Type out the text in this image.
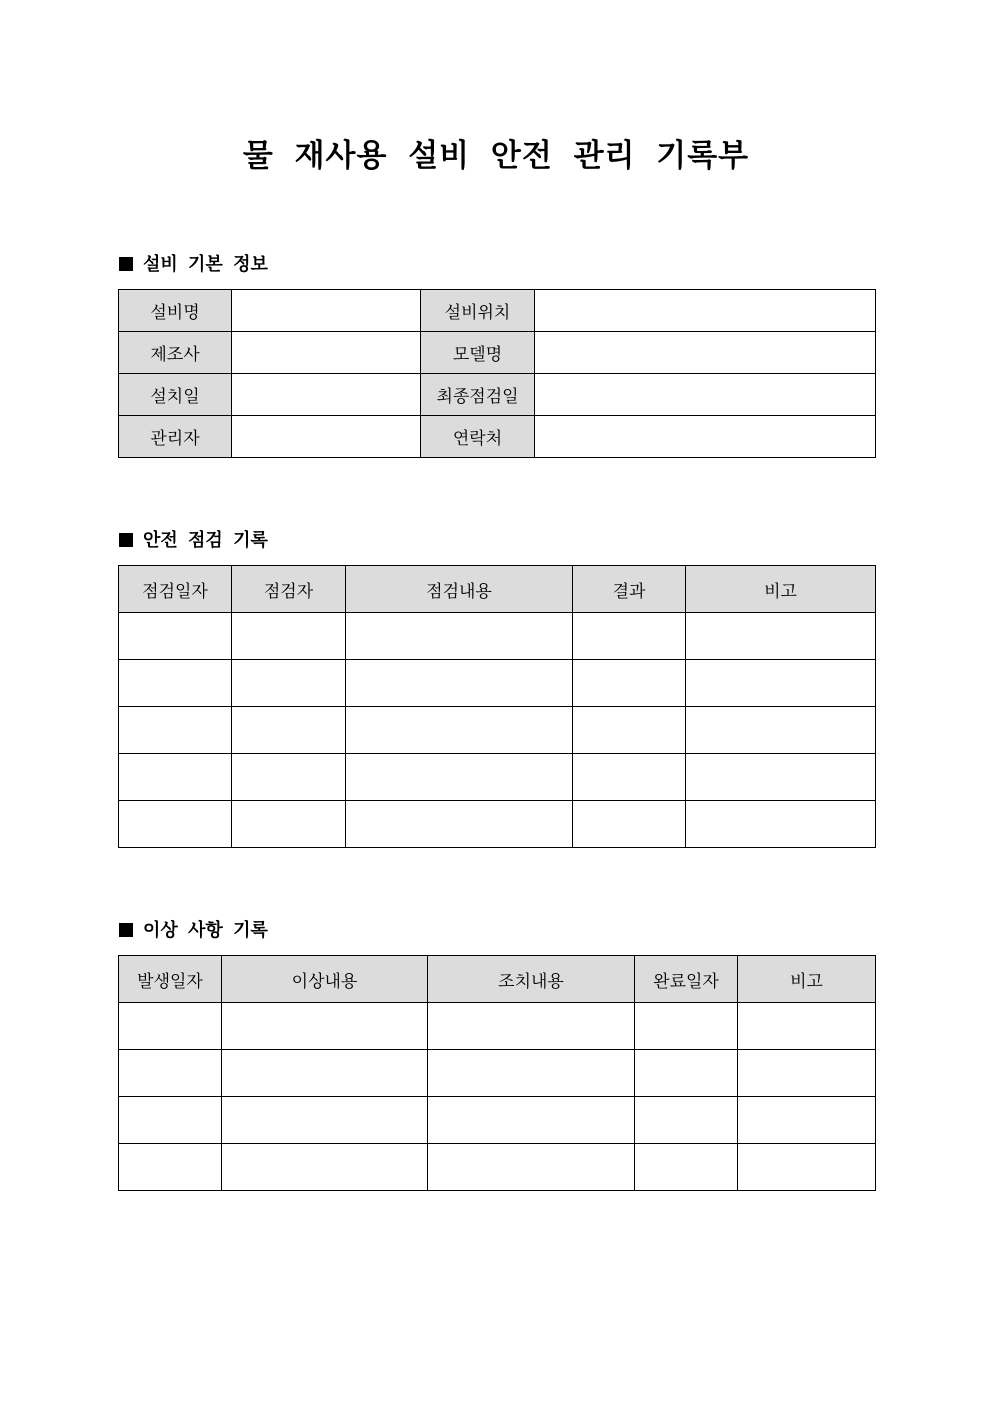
물 재사용 설비 안전 관리 기록부
설비 기본 정보
설비명		설비위치	
제조사		모델명	
설치일		최종점검일	
관리자		연락처	
안전 점검 기록
점검일자	점검자	점검내용	결과	비고

이상 사항 기록
발생일자	이상내용	조치내용	완료일자	비고
